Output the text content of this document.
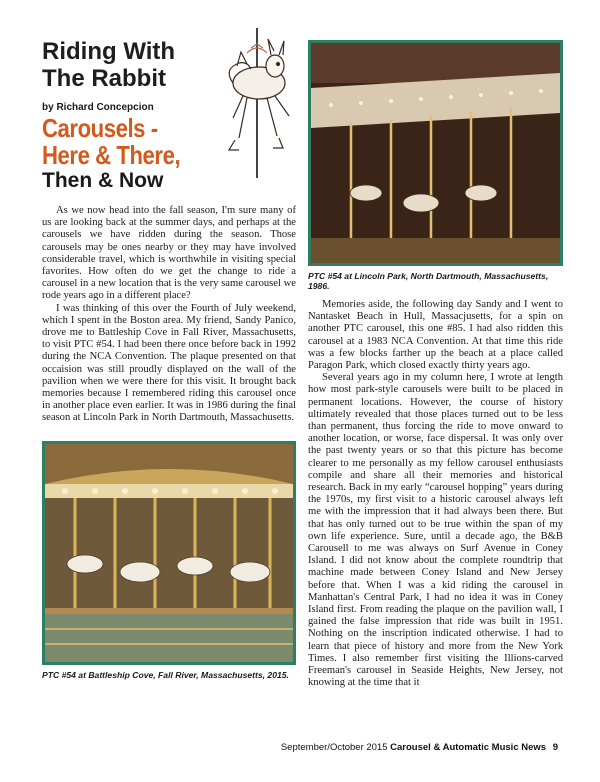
Riding With
The Rabbit
by Richard Concepcion
Carousels -
Here & There,
Then & Now

As we now head into the fall season, I'm sure many of us are looking back at the summer days, and perhaps at the carousels we have ridden during the season. Those carousels may be ones nearby or they may have involved considerable travel, which is worthwhile in visiting special favorites. How often do we get the change to ride a carousel in a new location that is the very same carousel we rode years ago in a different place?

I was thinking of this over the Fourth of July weekend, which I spent in the Boston area. My friend, Sandy Panico, drove me to Battleship Cove in Fall River, Massachusetts, to visit PTC #54. I had been there once before back in 1992 during the NCA Convention. The plaque presented on that occaision was still proudly displayed on the wall of the pavilion when we were there for this visit. It brought back memories because I remembered riding this carousel once in another place even earlier. It was in 1986 during the final season at Lincoln Park in North Dartmouth, Massachusetts.

PTC #54 at Battleship Cove, Fall River, Massachusetts, 2015.
PTC #54 at Lincoln Park, North Dartmouth, Massachusetts, 1986.

Memories aside, the following day Sandy and I went to Nantasket Beach in Hull, Massacjusetts, for a spin on another PTC carousel, this one #85. I had also ridden this carousel at a 1983 NCA Convention. At that time this ride was a few blocks farther up the beach at a place called Paragon Park, which closed exactly thirty years ago.

Several years ago in my column here, I wrote at length how most park-style carousels were built to be placed in permanent locations. However, the course of history ultimately revealed that those places turned out to be less than permanent, thus forcing the ride to move onward to another location, or worse, face dispersal. It was only over the past twenty years or so that this picture has become clearer to me personally as my fellow carousel enthusiasts compile and share all their memories and historical research. Back in my early “carousel hopping” years during the 1970s, my first visit to a historic carousel always left me with the impression that it had always been there. But that has only turned out to be true within the span of my own life experience. Sure, until a decade ago, the B&B Carousell to me was always on Surf Avenue in Coney Island. I did not know about the complete roundtrip that machine made between Coney Island and New Jersey before that. When I was a kid riding the carousel in Manhattan's Central Park, I had no idea it was in Coney Island first. From reading the plaque on the pavilion wall, I gained the false impression that ride was built in 1951. Nothing on the inscription indicated otherwise. I had to learn that piece of history and more from the New York Times. I also remember first visiting the Illions-carved Freeman's carousel in Seaside Heights, New Jersey, not knowing at the time that it

September/October 2015 Carousel & Automatic Music News 9
